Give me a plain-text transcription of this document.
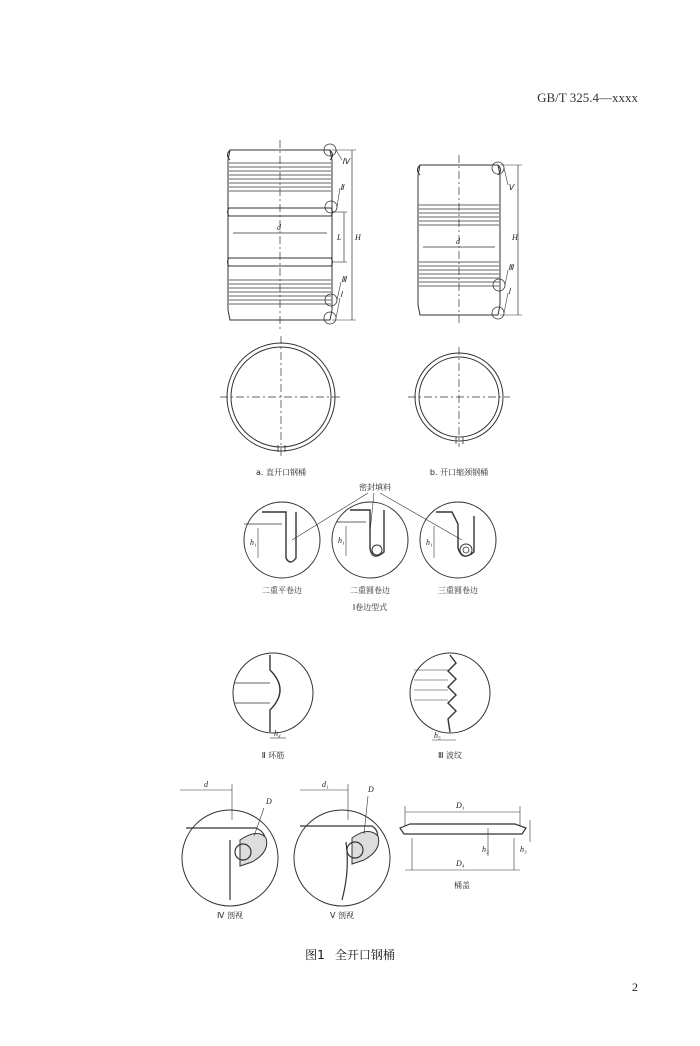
GB/T 325.4—xxxx
d
H
L
Ⅳ
Ⅱ
Ⅲ
Ⅰ
a. 直开口钢桶
d	H
Ⅴ
Ⅲ
Ⅰ
b. 开口缩颈钢桶
密封填料
h₁
二重平卷边
h₁
二重圆卷边
h₁
三重圆卷边
Ⅰ卷边型式
h₄
Ⅱ 环筋
h₅
Ⅲ 波纹
d
D
Ⅳ 剖视
d₁
D
Ⅴ 剖视
D₁
D₄
h₂	h₃
桶盖
图1 全开口钢桶
2
